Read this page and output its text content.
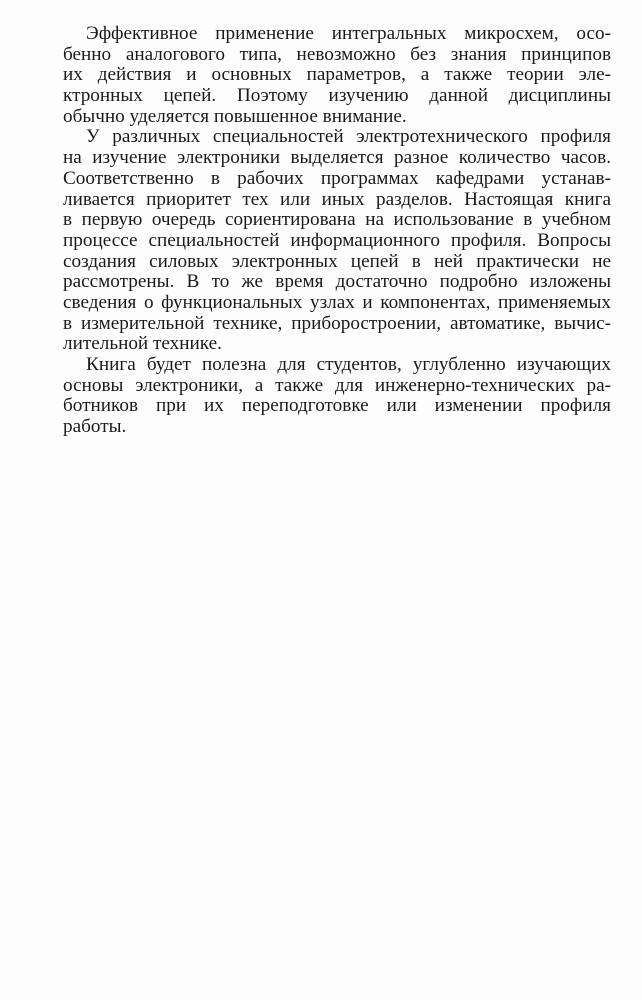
Эффективное применение интегральных микросхем, осо-
бенно аналогового типа, невозможно без знания принципов
их действия и основных параметров, а также теории эле-
ктронных цепей. Поэтому изучению данной дисциплины
обычно уделяется повышенное внимание.
У различных специальностей электротехнического профиля
на изучение электроники выделяется разное количество часов.
Соответственно в рабочих программах кафедрами устанав-
ливается приоритет тех или иных разделов. Настоящая книга
в первую очередь сориентирована на использование в учебном
процессе специальностей информационного профиля. Вопросы
создания силовых электронных цепей в ней практически не
рассмотрены. В то же время достаточно подробно изложены
сведения о функциональных узлах и компонентах, применяемых
в измерительной технике, приборостроении, автоматике, вычис-
лительной технике.
Книга будет полезна для студентов, углубленно изучающих
основы электроники, а также для инженерно-технических ра-
ботников при их переподготовке или изменении профиля
работы.
